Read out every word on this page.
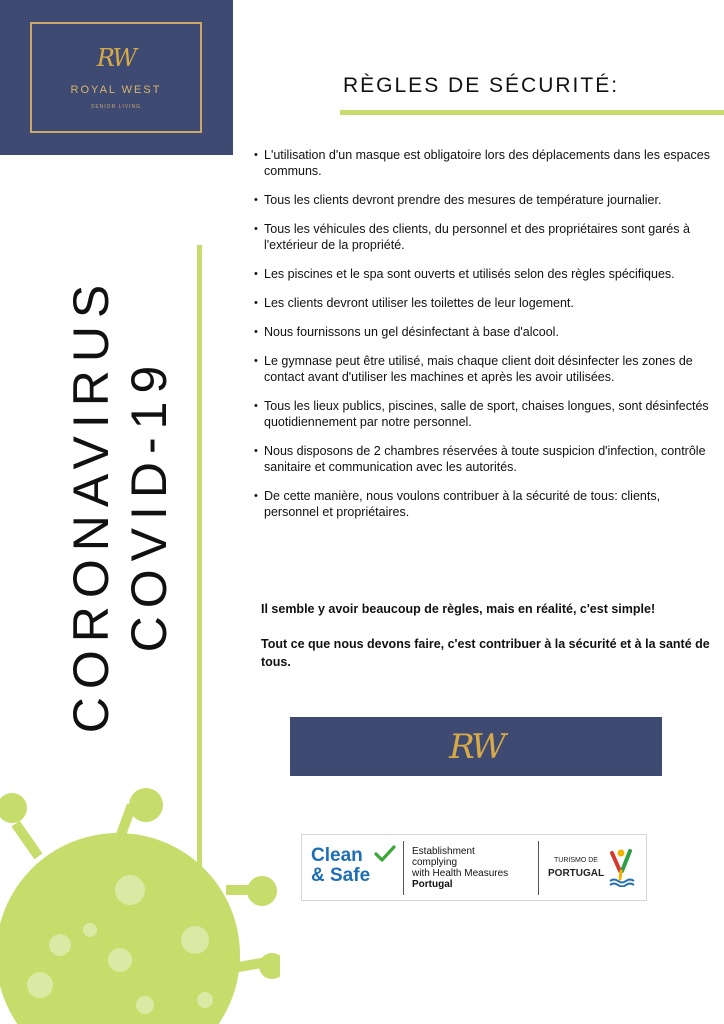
RW
ROYAL WEST
SENIOR LIVING
RÈGLES DE SÉCURITÉ:
CORONAVIRUS COVID-19
• L'utilisation d'un masque est obligatoire lors des déplacements dans les espaces communs.
• Tous les clients devront prendre des mesures de température journalier.
• Tous les véhicules des clients, du personnel et des propriétaires sont garés à l'extérieur de la propriété.
• Les piscines et le spa sont ouverts et utilisés selon des règles spécifiques.
• Les clients devront utiliser les toilettes de leur logement.
• Nous fournissons un gel désinfectant à base d'alcool.
• Le gymnase peut être utilisé, mais chaque client doit désinfecter les zones de contact avant d'utiliser les machines et après les avoir utilisées.
• Tous les lieux publics, piscines, salle de sport, chaises longues, sont désinfectés quotidiennement par notre personnel.
• Nous disposons de 2 chambres réservées à toute suspicion d'infection, contrôle sanitaire et communication avec les autorités.
• De cette manière, nous voulons contribuer à la sécurité de tous: clients, personnel et propriétaires.
Il semble y avoir beaucoup de règles, mais en réalité, c'est simple!
Tout ce que nous devons faire, c'est contribuer à la sécurité et à la santé de tous.
RW
Clean
& Safe
Establishment
complying
with Health Measures
Portugal
TURISMO DE
PORTUGAL
